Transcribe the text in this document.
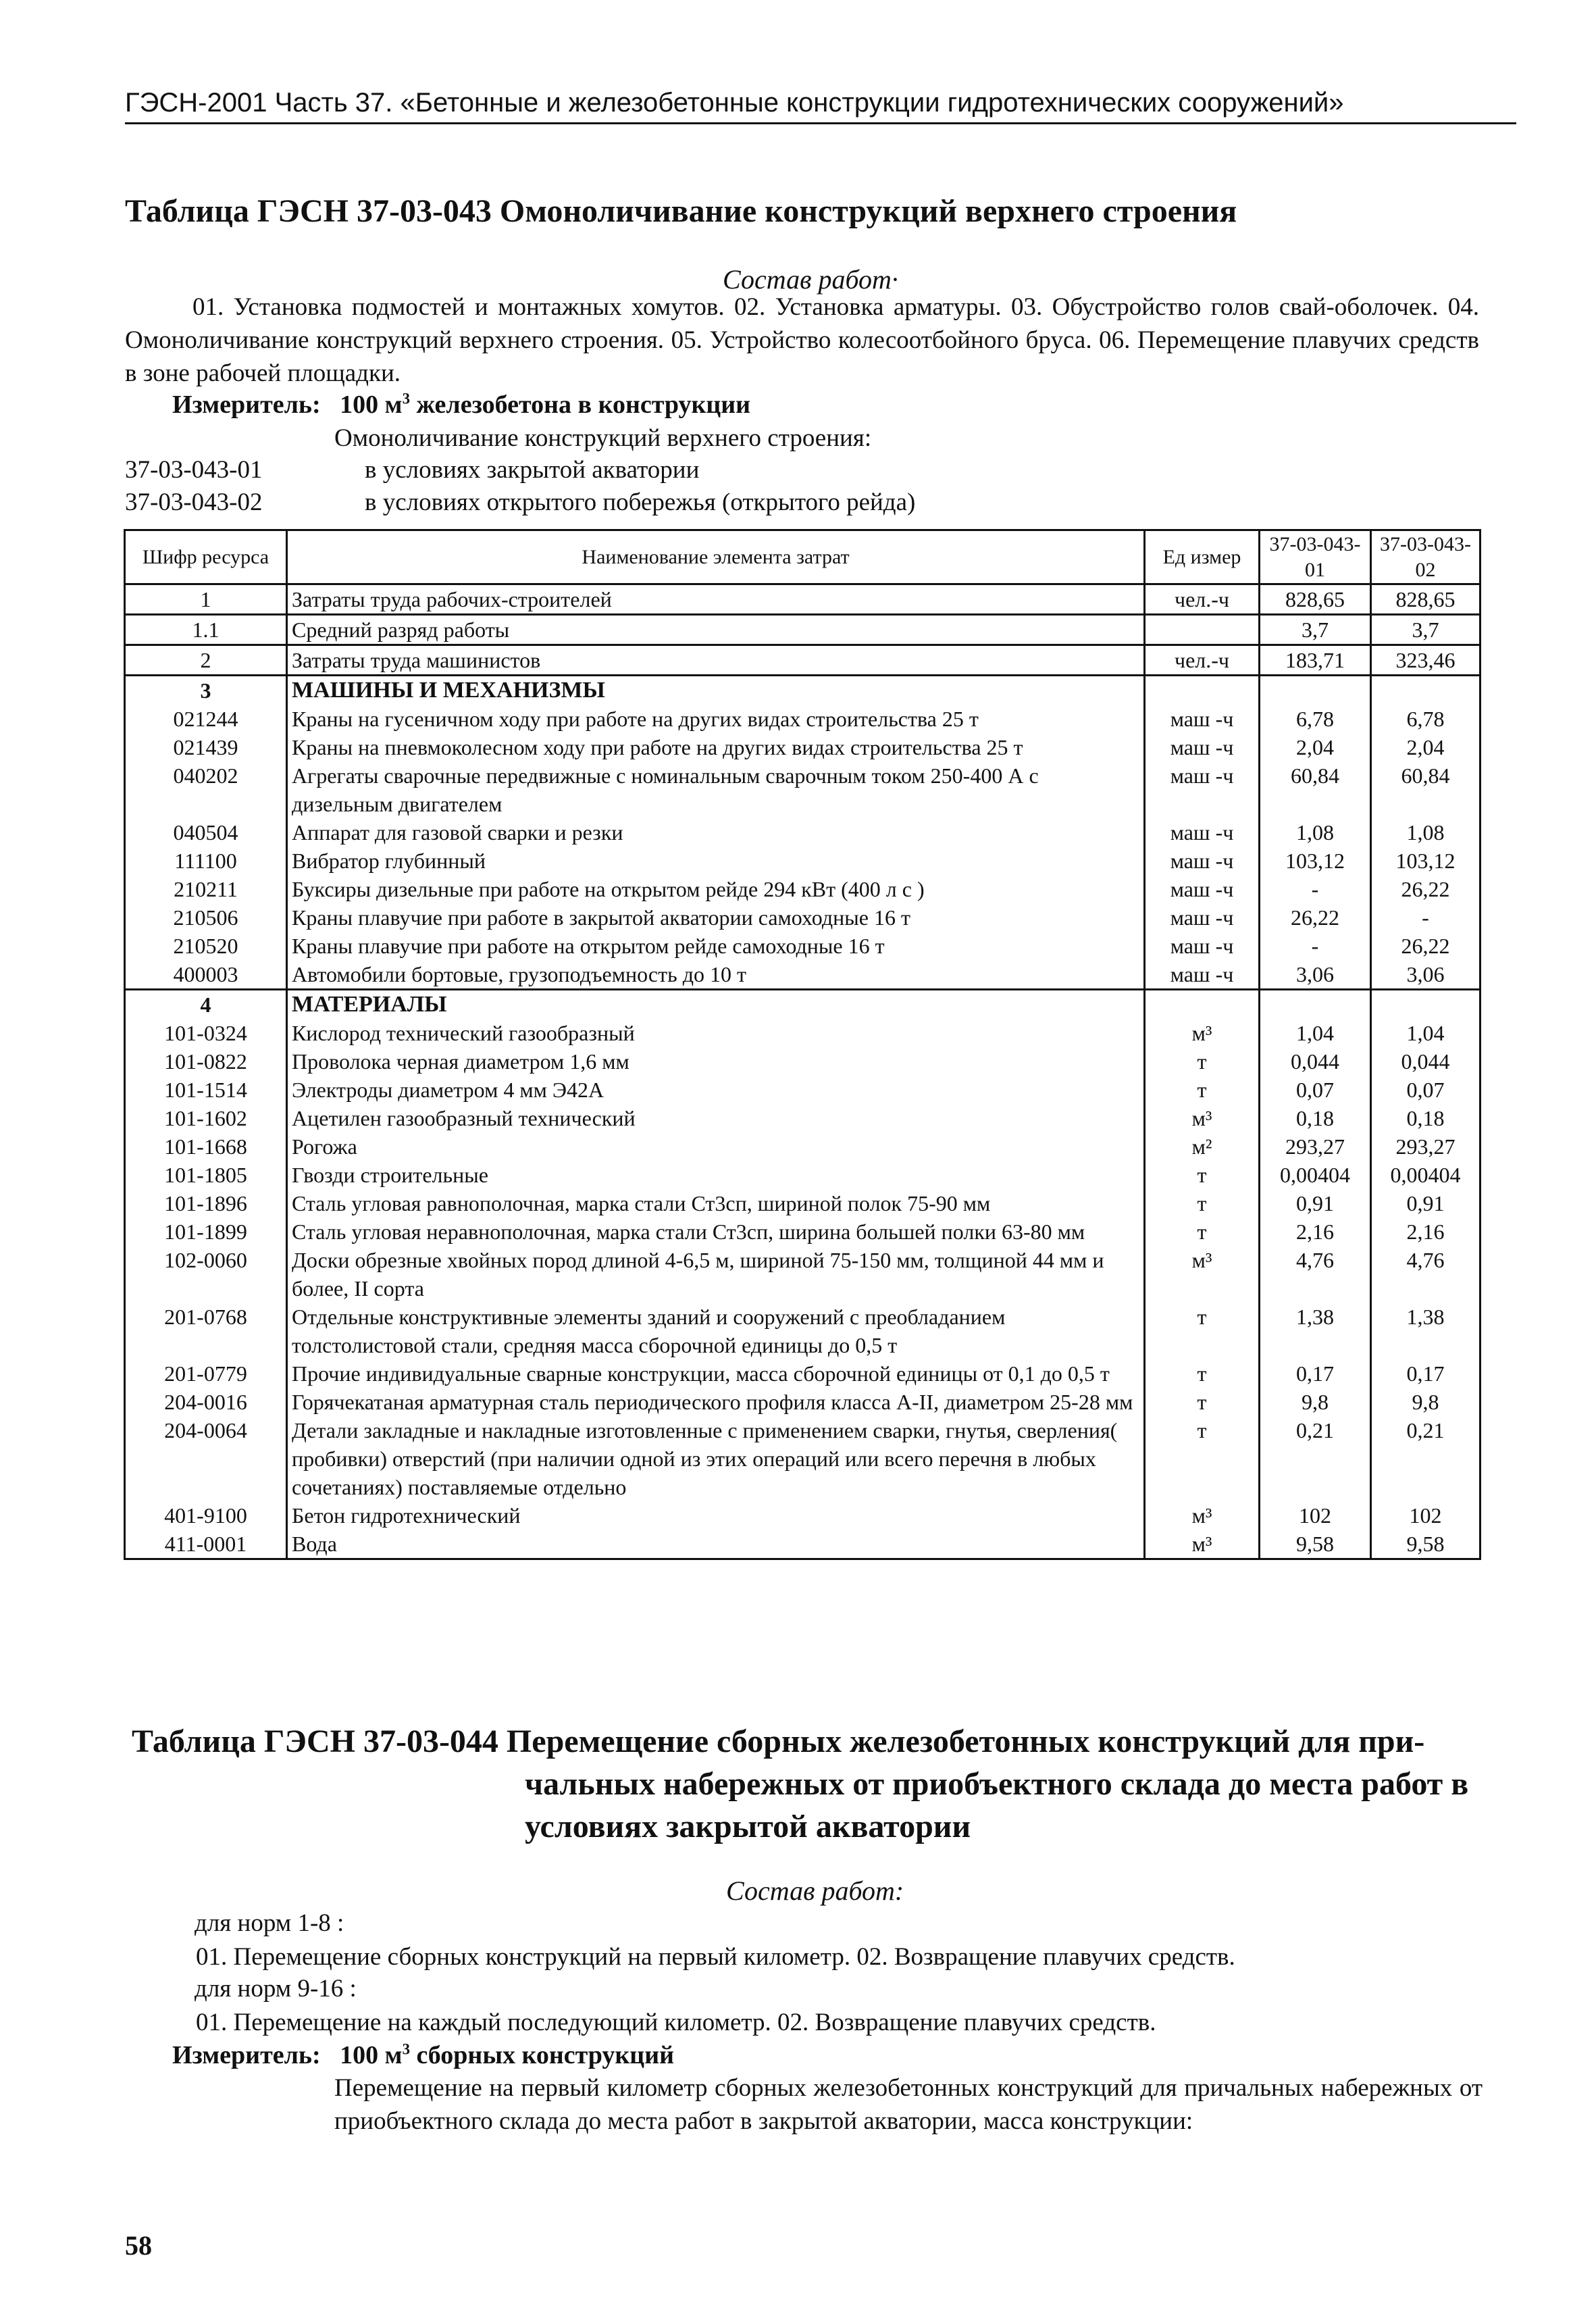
ГЭСН-2001 Часть 37. «Бетонные и железобетонные конструкции гидротехнических сооружений»
Таблица ГЭСН 37-03-043 Омоноличивание конструкций верхнего строения
Состав работ·
01. Установка подмостей и монтажных хомутов. 02. Установка арматуры. 03. Обустройство голов свай-оболочек. 04. Омоноличивание конструкций верхнего строения. 05. Устройство колесоотбойного бруса. 06. Перемещение плавучих средств в зоне рабочей площадки.
Измеритель: 100 $м^3$ железобетона в конструкции
Омоноличивание конструкций верхнего строения:
37-03-043-01	в условиях закрытой акватории
37-03-043-02	в условиях открытого побережья (открытого рейда)
Шифр ресурса	Наименование элемента затрат	Ед измер	37-03-043-01	37-03-043-02
1	Затраты труда рабочих-строителей	чел.-ч	828,65	828,65
1.1	Средний разряд работы		3,7	3,7
2	Затраты труда машинистов	чел.-ч	183,71	323,46
3	МАШИНЫ И МЕХАНИЗМЫ			
021244	Краны на гусеничном ходу при работе на других видах строительства 25 т	маш -ч	6,78	6,78
021439	Краны на пневмоколесном ходу при работе на других видах строительства 25 т	маш -ч	2,04	2,04
040202	Агрегаты сварочные передвижные с номинальным сварочным током 250-400 А с дизельным двигателем	маш -ч	60,84	60,84
040504	Аппарат для газовой сварки и резки	маш -ч	1,08	1,08
111100	Вибратор глубинный	маш -ч	103,12	103,12
210211	Буксиры дизельные при работе на открытом рейде 294 кВт (400 л с )	маш -ч	-	26,22
210506	Краны плавучие при работе в закрытой акватории самоходные 16 т	маш -ч	26,22	-
210520	Краны плавучие при работе на открытом рейде самоходные 16 т	маш -ч	-	26,22
400003	Автомобили бортовые, грузоподъемность до 10 т	маш -ч	3,06	3,06
4	МАТЕРИАЛЫ			
101-0324	Кислород технический газообразный	м³	1,04	1,04
101-0822	Проволока черная диаметром 1,6 мм	т	0,044	0,044
101-1514	Электроды диаметром 4 мм Э42А	т	0,07	0,07
101-1602	Ацетилен газообразный технический	м³	0,18	0,18
101-1668	Рогожа	м²	293,27	293,27
101-1805	Гвозди строительные	т	0,00404	0,00404
101-1896	Сталь угловая равнополочная, марка стали Ст3сп, шириной полок 75-90 мм	т	0,91	0,91
101-1899	Сталь угловая неравнополочная, марка стали Ст3сп, ширина большей полки 63-80 мм	т	2,16	2,16
102-0060	Доски обрезные хвойных пород длиной 4-6,5 м, шириной 75-150 мм, толщиной 44 мм и более, II сорта	м³	4,76	4,76
201-0768	Отдельные конструктивные элементы зданий и сооружений с преобладанием толстолистовой стали, средняя масса сборочной единицы до 0,5 т	т	1,38	1,38
201-0779	Прочие индивидуальные сварные конструкции, масса сборочной единицы от 0,1 до 0,5 т	т	0,17	0,17
204-0016	Горячекатаная арматурная сталь периодического профиля класса А-II, диаметром 25-28 мм	т	9,8	9,8
204-0064	Детали закладные и накладные изготовленные с применением сварки, гнутья, сверления( пробивки) отверстий (при наличии одной из этих операций или всего перечня в любых сочетаниях) поставляемые отдельно	т	0,21	0,21
401-9100	Бетон гидротехнический	м³	102	102
411-0001	Вода	м³	9,58	9,58
Таблица ГЭСН 37-03-044 Перемещение сборных железобетонных конструкций для при-
чальных набережных от приобъектного склада до места работ в
условиях закрытой акватории
Состав работ:
для норм 1-8 :
01. Перемещение сборных конструкций на первый километр. 02. Возвращение плавучих средств.
для норм 9-16 :
01. Перемещение на каждый последующий километр. 02. Возвращение плавучих средств.
Измеритель: 100 $м^3$ сборных конструкций
Перемещение на первый километр сборных железобетонных конструкций для причальных набережных от приобъектного склада до места работ в закрытой акватории, масса конструкции:
58
